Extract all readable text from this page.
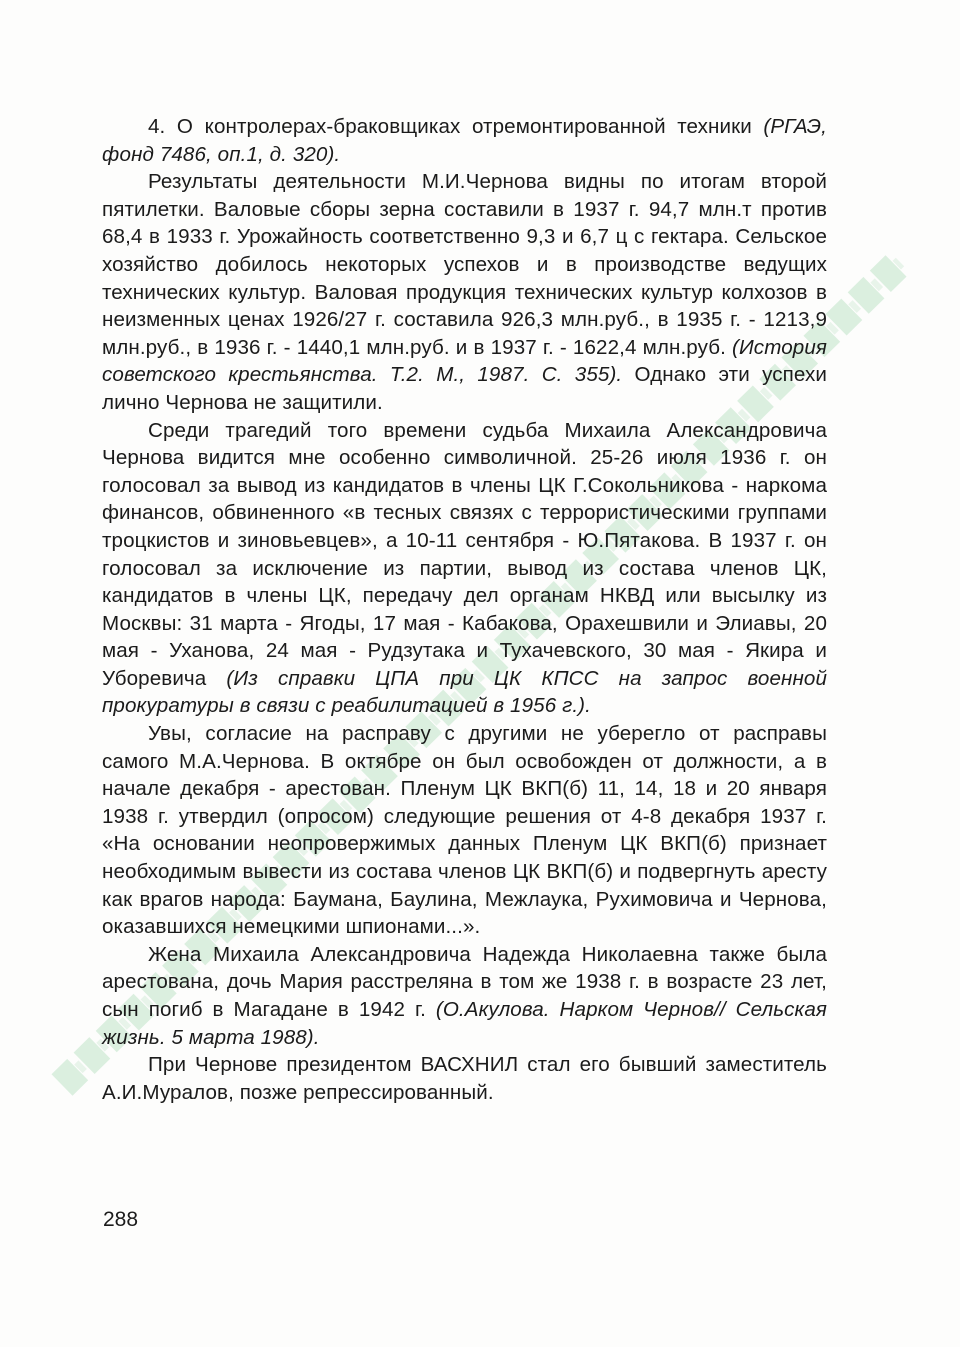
4. О контролерах-браковщиках отремонтированной техники (РГАЭ, фонд 7486, оп.1, д. 320).

Результаты деятельности М.И.Чернова видны по итогам второй пятилетки. Валовые сборы зерна составили в 1937 г. 94,7 млн.т против 68,4 в 1933 г. Урожайность соответственно 9,3 и 6,7 ц с гектара. Сельское хозяйство добилось некоторых успехов и в производстве ведущих технических культур. Валовая продукция технических культур колхозов в неизменных ценах 1926/27 г. составила 926,3 млн.руб., в 1935 г. - 1213,9 млн.руб., в 1936 г. - 1440,1 млн.руб. и в 1937 г. - 1622,4 млн.руб. (История советского крестьянства. Т.2. М., 1987. С. 355). Однако эти успехи лично Чернова не защитили.

Среди трагедий того времени судьба Михаила Александровича Чернова видится мне особенно символичной. 25-26 июля 1936 г. он голосовал за вывод из кандидатов в члены ЦК Г.Сокольникова - наркома финансов, обвиненного «в тесных связях с террористическими группами троцкистов и зиновьевцев», а 10-11 сентября - Ю.Пятакова. В 1937 г. он голосовал за исключение из партии, вывод из состава членов ЦК, кандидатов в члены ЦК, передачу дел органам НКВД или высылку из Москвы: 31 марта - Ягоды, 17 мая - Кабакова, Орахешвили и Элиавы, 20 мая - Уханова, 24 мая - Рудзутака и Тухачевского, 30 мая - Якира и Уборевича (Из справки ЦПА при ЦК КПСС на запрос военной прокуратуры в связи с реабилитацией в 1956 г.).

Увы, согласие на расправу с другими не уберегло от расправы самого М.А.Чернова. В октябре он был освобожден от должности, а в начале декабря - арестован. Пленум ЦК ВКП(б) 11, 14, 18 и 20 января 1938 г. утвердил (опросом) следующие решения от 4-8 декабря 1937 г. «На основании неопровержимых данных Пленум ЦК ВКП(б) признает необходимым вывести из состава членов ЦК ВКП(б) и подвергнуть аресту как врагов народа: Баумана, Баулина, Межлаука, Рухимовича и Чернова, оказавшихся немецкими шпионами...».

Жена Михаила Александровича Надежда Николаевна также была арестована, дочь Мария расстреляна в том же 1938 г. в возрасте 23 лет, сын погиб в Магадане в 1942 г. (О.Акулова. Нарком Чернов// Сельская жизнь. 5 марта 1988).

При Чернове президентом ВАСХНИЛ стал его бывший заместитель А.И.Муралов, позже репрессированный.

288
